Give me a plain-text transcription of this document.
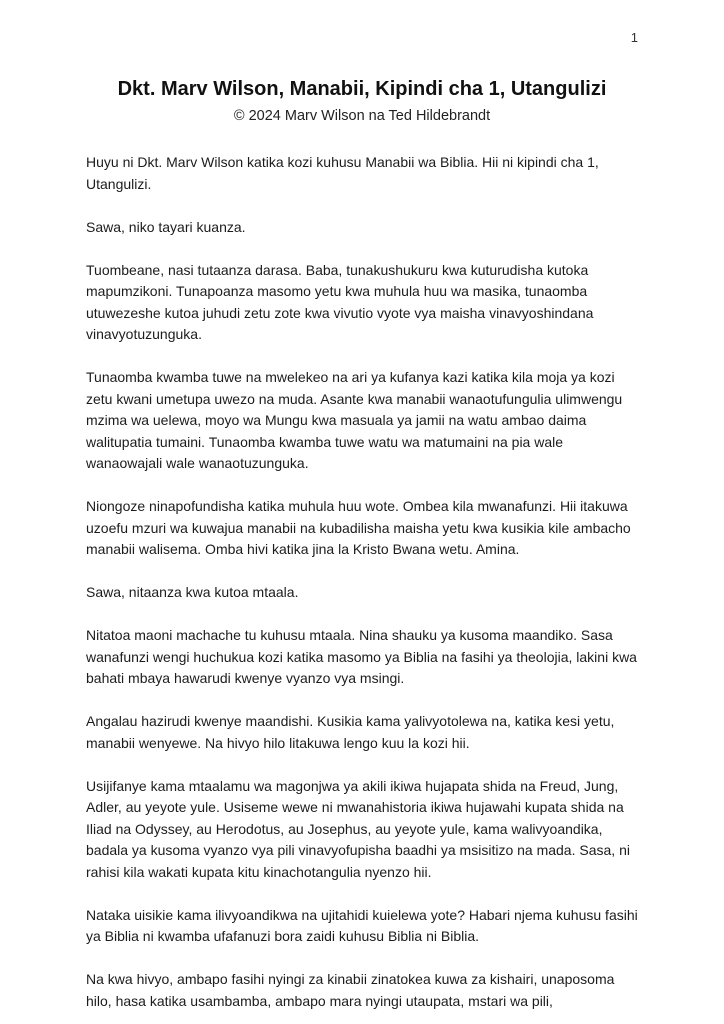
1
Dkt. Marv Wilson, Manabii, Kipindi cha 1, Utangulizi
© 2024 Marv Wilson na Ted Hildebrandt

Huyu ni Dkt. Marv Wilson katika kozi kuhusu Manabii wa Biblia. Hii ni kipindi cha 1, Utangulizi.

Sawa, niko tayari kuanza.

Tuombeane, nasi tutaanza darasa. Baba, tunakushukuru kwa kuturudisha kutoka mapumzikoni. Tunapoanza masomo yetu kwa muhula huu wa masika, tunaomba utuwezeshe kutoa juhudi zetu zote kwa vivutio vyote vya maisha vinavyoshindana vinavyotuzunguka.

Tunaomba kwamba tuwe na mwelekeo na ari ya kufanya kazi katika kila moja ya kozi zetu kwani umetupa uwezo na muda. Asante kwa manabii wanaotufungulia ulimwengu mzima wa uelewa, moyo wa Mungu kwa masuala ya jamii na watu ambao daima walitupatia tumaini. Tunaomba kwamba tuwe watu wa matumaini na pia wale wanaowajali wale wanaotuzunguka.

Niongoze ninapofundisha katika muhula huu wote. Ombea kila mwanafunzi. Hii itakuwa uzoefu mzuri wa kuwajua manabii na kubadilisha maisha yetu kwa kusikia kile ambacho manabii walisema. Omba hivi katika jina la Kristo Bwana wetu. Amina.

Sawa, nitaanza kwa kutoa mtaala.

Nitatoa maoni machache tu kuhusu mtaala. Nina shauku ya kusoma maandiko. Sasa wanafunzi wengi huchukua kozi katika masomo ya Biblia na fasihi ya theolojia, lakini kwa bahati mbaya hawarudi kwenye vyanzo vya msingi.

Angalau hazirudi kwenye maandishi. Kusikia kama yalivyotolewa na, katika kesi yetu, manabii wenyewe. Na hivyo hilo litakuwa lengo kuu la kozi hii.

Usijifanye kama mtaalamu wa magonjwa ya akili ikiwa hujapata shida na Freud, Jung, Adler, au yeyote yule. Usiseme wewe ni mwanahistoria ikiwa hujawahi kupata shida na Iliad na Odyssey, au Herodotus, au Josephus, au yeyote yule, kama walivyoandika, badala ya kusoma vyanzo vya pili vinavyofupisha baadhi ya msisitizo na mada. Sasa, ni rahisi kila wakati kupata kitu kinachotangulia nyenzo hii.

Nataka uisikie kama ilivyoandikwa na ujitahidi kuielewa yote? Habari njema kuhusu fasihi ya Biblia ni kwamba ufafanuzi bora zaidi kuhusu Biblia ni Biblia.

Na kwa hivyo, ambapo fasihi nyingi za kinabii zinatokea kuwa za kishairi, unaposoma hilo, hasa katika usambamba, ambapo mara nyingi utaupata, mstari wa pili,
